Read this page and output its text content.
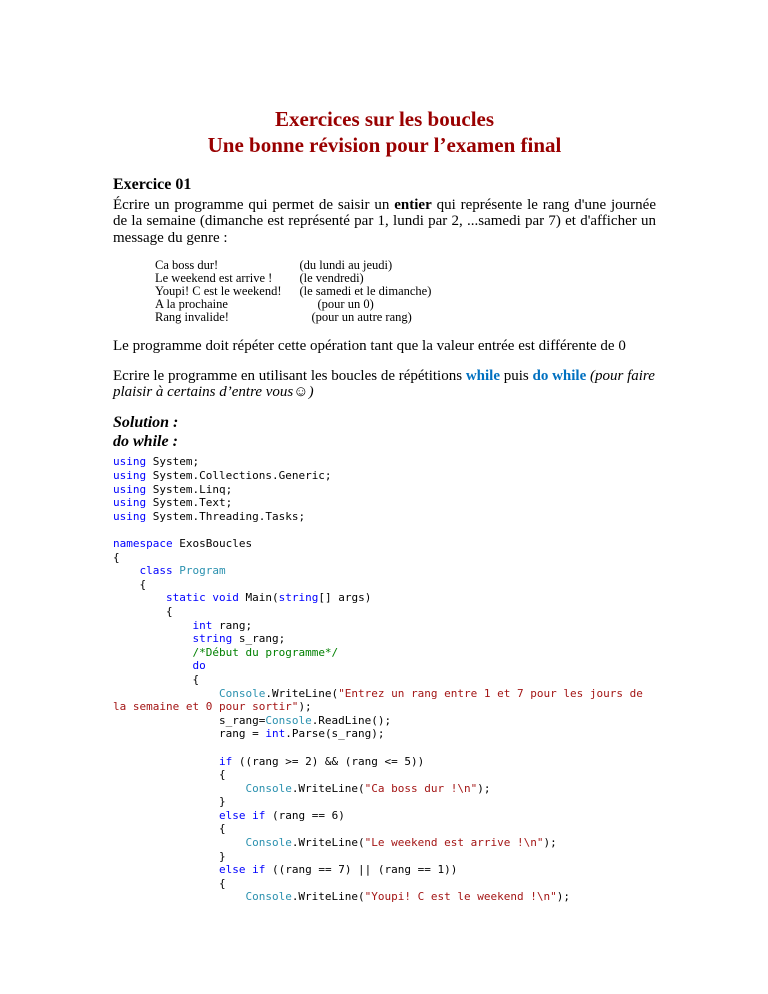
Exercices sur les boucles
Une bonne révision pour l’examen final
Exercice 01

Écrire un programme qui permet de saisir un entier qui représente le rang d'une journée de la semaine (dimanche est représenté par 1, lundi par 2, ...samedi par 7) et d'afficher un message du genre :

Ca boss dur!	(du lundi au jeudi)
Le weekend est arrive !	(le vendredi)
Youpi! C est le weekend!	(le samedi et le dimanche)
A la prochaine	(pour un 0)
Rang invalide!	(pour un autre rang)

Le programme doit répéter cette opération tant que la valeur entrée est différente de 0

Ecrire le programme en utilisant les boucles de répétitions while puis do while (pour faire plaisir à certains d’entre vous☺)

Solution :
do while :
using System;
using System.Collections.Generic;
using System.Linq;
using System.Text;
using System.Threading.Tasks;

namespace ExosBoucles
{
class Program
{
static void Main(string[] args)
{
int rang;
string s_rang;
/*Début du programme*/
do
{
Console.WriteLine("Entrez un rang entre 1 et 7 pour les jours de
la semaine et 0 pour sortir");
s_rang=Console.ReadLine();
rang = int.Parse(s_rang);

if ((rang >= 2) && (rang <= 5))
{
Console.WriteLine("Ca boss dur !\n");
}
else if (rang == 6)
{
Console.WriteLine("Le weekend est arrive !\n");
}
else if ((rang == 7) || (rang == 1))
{
Console.WriteLine("Youpi! C est le weekend !\n");
